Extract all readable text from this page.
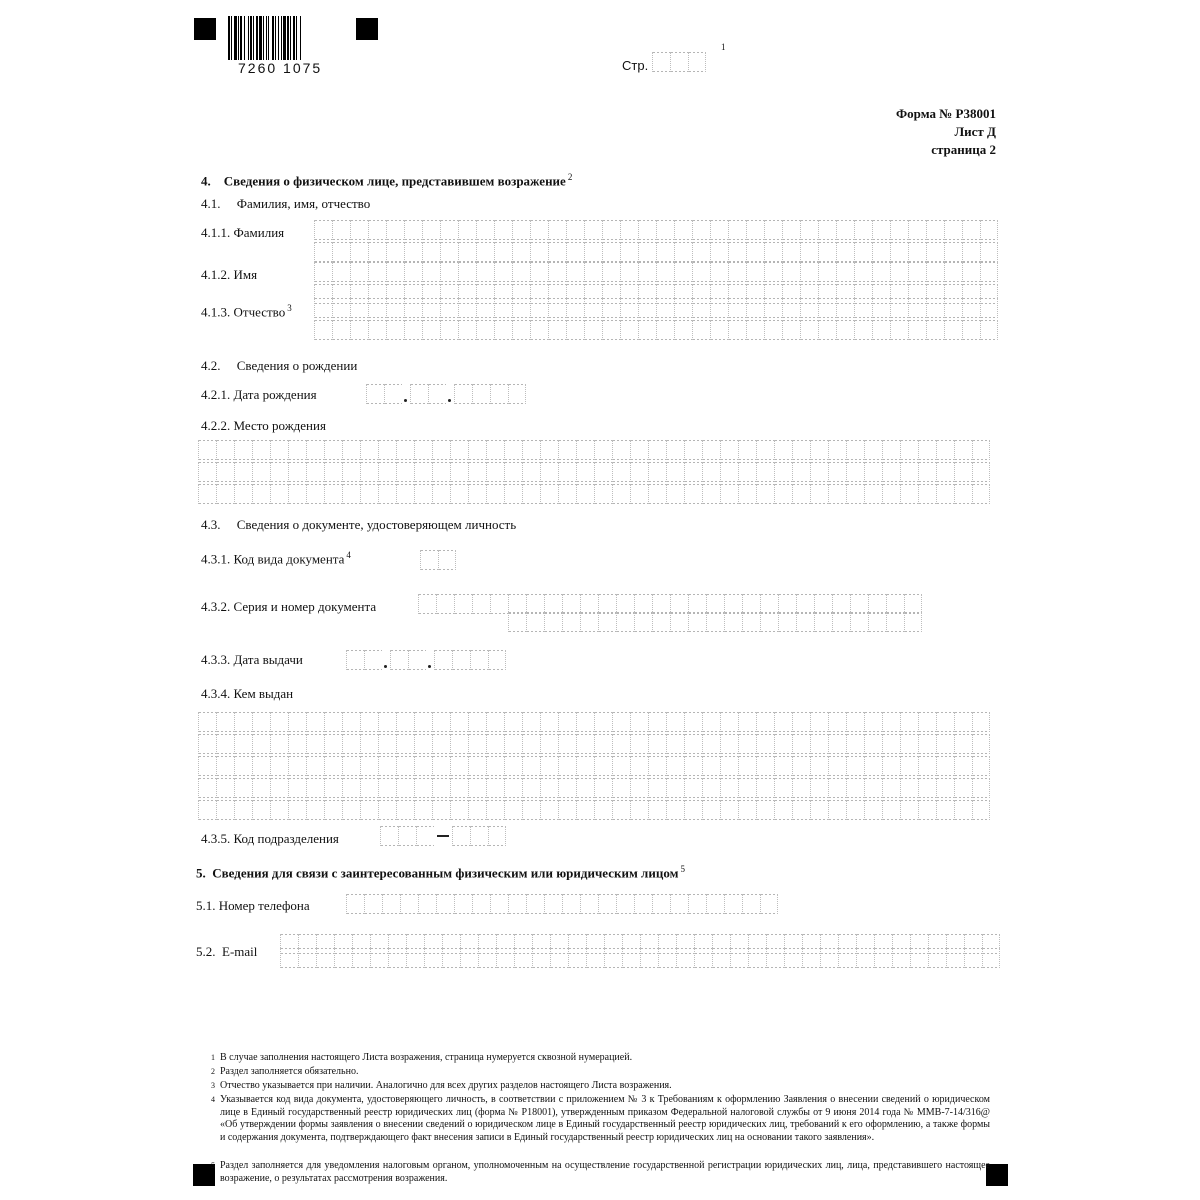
7260 1075	Стр.
1
Форма № Р38001
Лист Д
страница 2
4. Сведения о физическом лице, представившем возражение $^2$
4.1. Фамилия, имя, отчество
4.1.1. Фамилия
4.1.2. Имя
4.1.3. Отчество $^3$
4.2. Сведения о рождении
4.2.1. Дата рождения
4.2.2. Место рождения
4.3. Сведения о документе, удостоверяющем личность
4.3.1. Код вида документа $^4$
4.3.2. Серия и номер документа
4.3.3. Дата выдачи
4.3.4. Кем выдан
4.3.5. Код подразделения
5. Сведения для связи с заинтересованным физическим или юридическим лицом $^5$
5.1. Номер телефона
5.2. E-mail
1 В случае заполнения настоящего Листа возражения, страница нумеруется сквозной нумерацией.
2 Раздел заполняется обязательно.
3 Отчество указывается при наличии. Аналогично для всех других разделов настоящего Листа возражения.
4 Указывается код вида документа, удостоверяющего личность, в соответствии с приложением № 3 к Требованиям к оформлению Заявления о внесении сведений о юридическом лице в Единый государственный реестр юридических лиц (форма № Р18001), утвержденным приказом Федеральной налоговой службы от 9 июня 2014 года № ММВ-7-14/316@ «Об утверждении формы заявления о внесении сведений о юридическом лице в Единый государственный реестр юридических лиц, требований к его оформлению, а также формы и содержания документа, подтверждающего факт внесения записи в Единый государственный реестр юридических лиц на основании такого заявления».
5 Раздел заполняется для уведомления налоговым органом, уполномоченным на осуществление государственной регистрации юридических лиц, лица, представившего настоящее возражение, о результатах рассмотрения возражения.
